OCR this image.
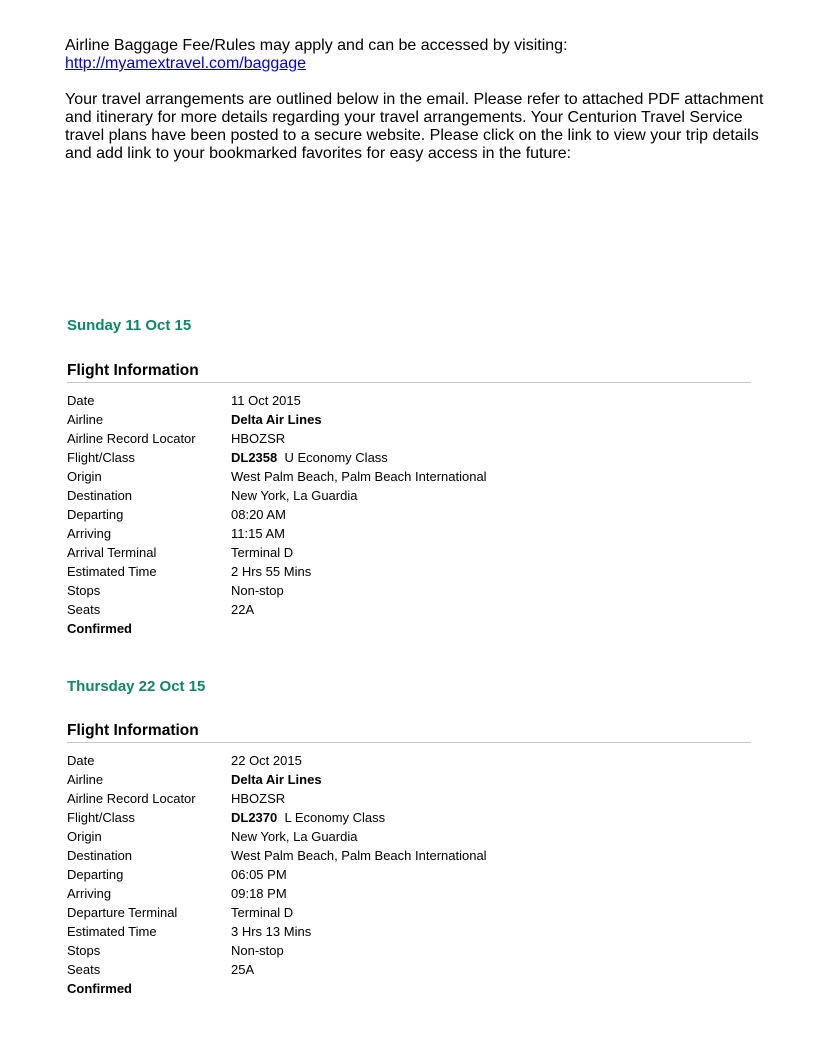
Airline Baggage Fee/Rules may apply and can be accessed by visiting:
http://myamextravel.com/baggage

Your travel arrangements are outlined below in the email. Please refer to attached PDF attachment and itinerary for more details regarding your travel arrangements. Your Centurion Travel Service travel plans have been posted to a secure website. Please click on the link to view your trip details and add link to your bookmarked favorites for easy access in the future:

Sunday 11 Oct 15
Flight Information
Date	11 Oct 2015
Airline	Delta Air Lines
Airline Record Locator	HBOZSR
Flight/Class	DL2358 U Economy Class
Origin	West Palm Beach, Palm Beach International
Destination	New York, La Guardia
Departing	08:20 AM
Arriving	11:15 AM
Arrival Terminal	Terminal D
Estimated Time	2 Hrs 55 Mins
Stops	Non-stop
Seats	22A
Confirmed	
Thursday 22 Oct 15
Flight Information
Date	22 Oct 2015
Airline	Delta Air Lines
Airline Record Locator	HBOZSR
Flight/Class	DL2370 L Economy Class
Origin	New York, La Guardia
Destination	West Palm Beach, Palm Beach International
Departing	06:05 PM
Arriving	09:18 PM
Departure Terminal	Terminal D
Estimated Time	3 Hrs 13 Mins
Stops	Non-stop
Seats	25A
Confirmed	
